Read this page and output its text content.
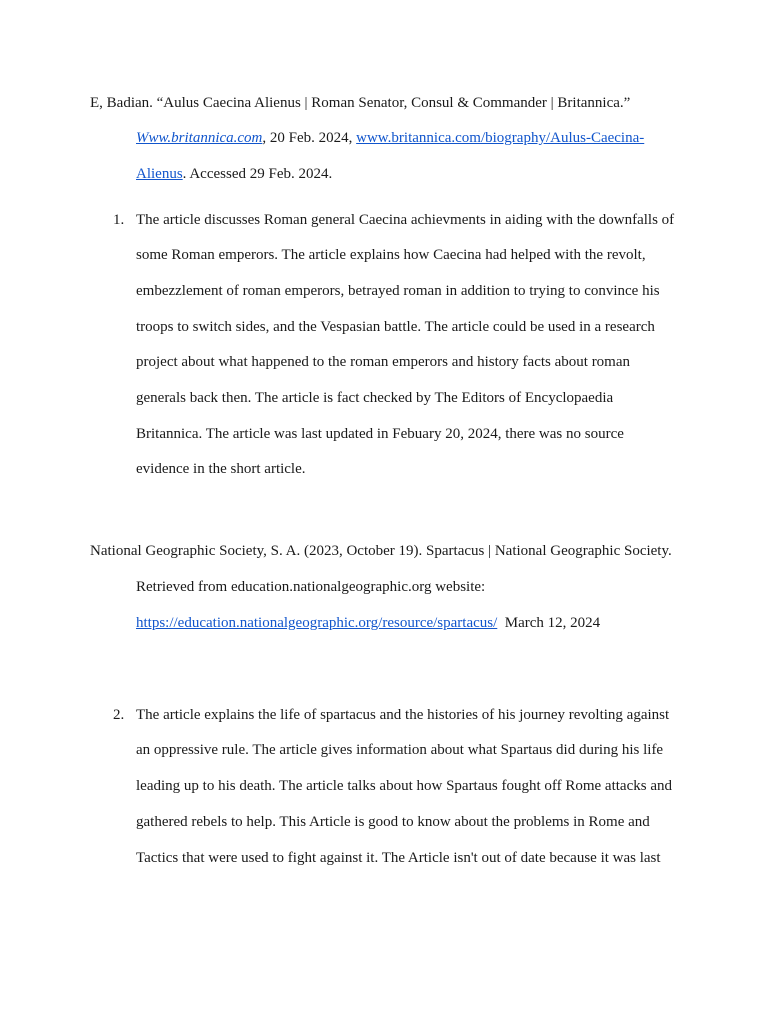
E, Badian. “Aulus Caecina Alienus | Roman Senator, Consul & Commander | Britannica.”
Www.britannica.com, 20 Feb. 2024, www.britannica.com/biography/Aulus-Caecina-
Alienus. Accessed 29 Feb. 2024.
1. The article discusses Roman general Caecina achievments in aiding with the downfalls of
some Roman emperors. The article explains how Caecina had helped with the revolt,
embezzlement of roman emperors, betrayed roman in addition to trying to convince his
troops to switch sides, and the Vespasian battle. The article could be used in a research
project about what happened to the roman emperors and history facts about roman
generals back then. The article is fact checked by The Editors of Encyclopaedia
Britannica. The article was last updated in Febuary 20, 2024, there was no source
evidence in the short article.
National Geographic Society, S. A. (2023, October 19). Spartacus | National Geographic Society.
Retrieved from education.nationalgeographic.org website:
https://education.nationalgeographic.org/resource/spartacus/  March 12, 2024
2. The article explains the life of spartacus and the histories of his journey revolting against
an oppressive rule. The article gives information about what Spartaus did during his life
leading up to his death. The article talks about how Spartaus fought off Rome attacks and
gathered rebels to help. This Article is good to know about the problems in Rome and
Tactics that were used to fight against it. The Article isn't out of date because it was last
